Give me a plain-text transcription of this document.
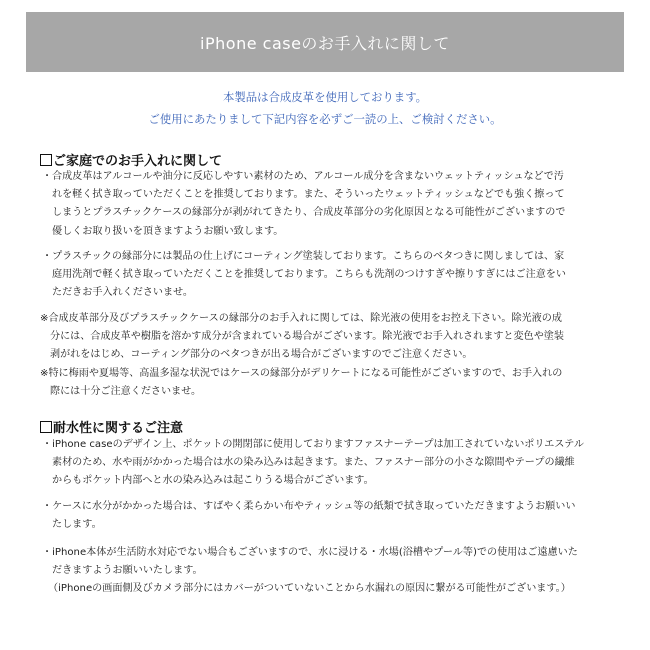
iPhone caseのお手入れに関して
本製品は合成皮革を使用しております。
ご使用にあたりまして下記内容を必ずご一読の上、ご検討ください。
ご家庭でのお手入れに関して
・合成皮革はアルコールや油分に反応しやすい素材のため、アルコール成分を含まないウェットティッシュなどで汚
れを軽く拭き取っていただくことを推奨しております。また、そういったウェットティッシュなどでも強く擦って
しまうとプラスチックケースの縁部分が剥がれてきたり、合成皮革部分の劣化原因となる可能性がございますので
優しくお取り扱いを頂きますようお願い致します。
・プラスチックの縁部分には製品の仕上げにコーティング塗装しております。こちらのベタつきに関しましては、家
庭用洗剤で軽く拭き取っていただくことを推奨しております。こちらも洗剤のつけすぎや擦りすぎにはご注意をい
ただきお手入れくださいませ。
※合成皮革部分及びプラスチックケースの縁部分のお手入れに関しては、除光液の使用をお控え下さい。除光液の成
分には、合成皮革や樹脂を溶かす成分が含まれている場合がございます。除光液でお手入れされますと変色や塗装
剥がれをはじめ、コーティング部分のベタつきが出る場合がございますのでご注意ください。
※特に梅雨や夏場等、高温多湿な状況ではケースの縁部分がデリケートになる可能性がございますので、お手入れの
際には十分ご注意くださいませ。
耐水性に関するご注意
・iPhone caseのデザイン上、ポケットの開閉部に使用しておりますファスナーテープは加工されていないポリエステル
素材のため、水や雨がかかった場合は水の染み込みは起きます。また、ファスナー部分の小さな隙間やテープの繊維
からもポケット内部へと水の染み込みは起こりうる場合がございます。
・ケースに水分がかかった場合は、すばやく柔らかい布やティッシュ等の紙類で拭き取っていただきますようお願いい
たします。
・iPhone本体が生活防水対応でない場合もございますので、水に浸ける・水場(浴槽やプール等)での使用はご遠慮いた
だきますようお願いいたします。
（iPhoneの画面側及びカメラ部分にはカバーがついていないことから水漏れの原因に繋がる可能性がございます。）
